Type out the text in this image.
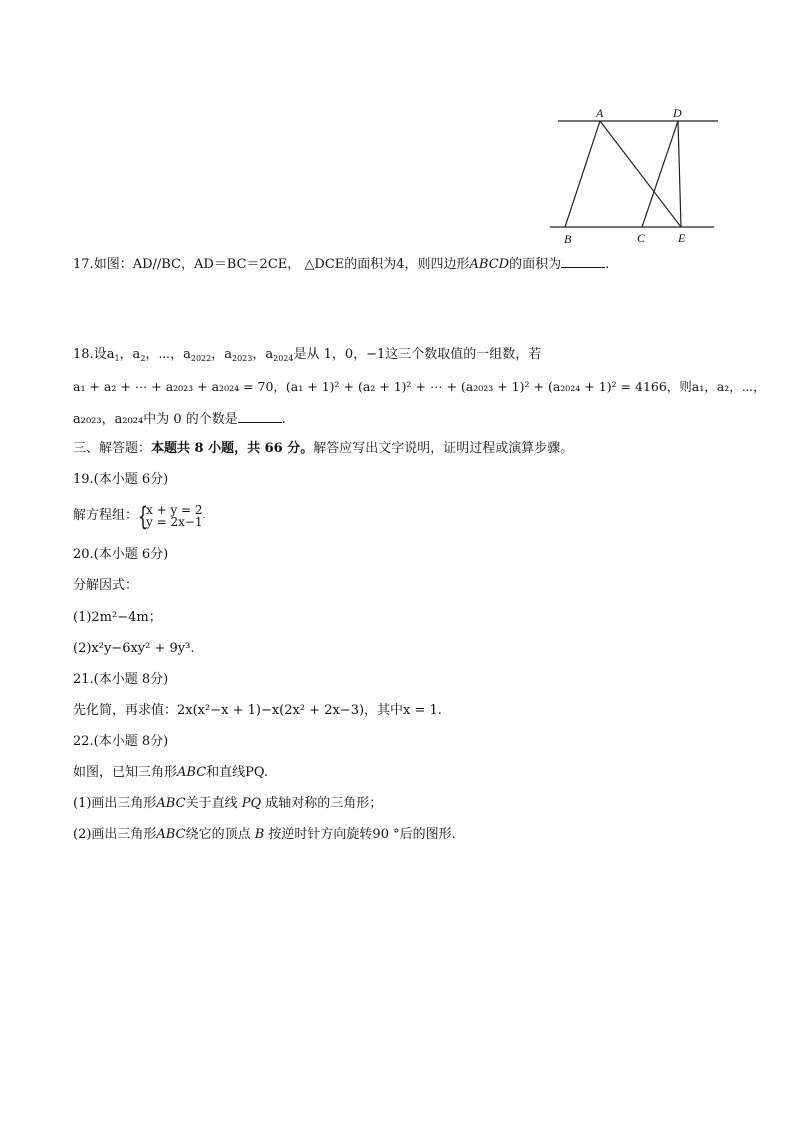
A	D
B	C	E
17.如图：AD//BC，AD＝BC＝2CE， △DCE的面积为4，则四边形ABCD的面积为	.
18.设$a_1$，$a_2$，⋯，$a_{2022}$，$a_{2023}$，$a_{2024}$是从 1，0，−1这三个数取值的一组数，若
a₁ + a₂ + ⋯ + a₂₀₂₃ + a₂₀₂₄ = 70，(a₁ + 1)² + (a₂ + 1)² + ⋯ + (a₂₀₂₃ + 1)² + (a₂₀₂₄ + 1)² = 4166，则a₁，a₂，⋯，
a₂₀₂₃，a₂₀₂₄中为 0 的个数是	.
三、解答题：本题共 8 小题，共 66 分。解答应写出文字说明，证明过程或演算步骤。
19.(本小题 6分)
解方程组： {
x + y = 2
y = 2x−1 .
20.(本小题 6分)
分解因式：
(1)2m²−4m；
(2)x²y−6xy² + 9y³.
21.(本小题 8分)
先化简，再求值：2x(x²−x + 1)−x(2x² + 2x−3)，其中x = 1.
22.(本小题 8分)
如图，已知三角形ABC和直线PQ.
(1)画出三角形ABC关于直线 PQ 成轴对称的三角形；
(2)画出三角形ABC绕它的顶点 B 按逆时针方向旋转90 °后的图形.
